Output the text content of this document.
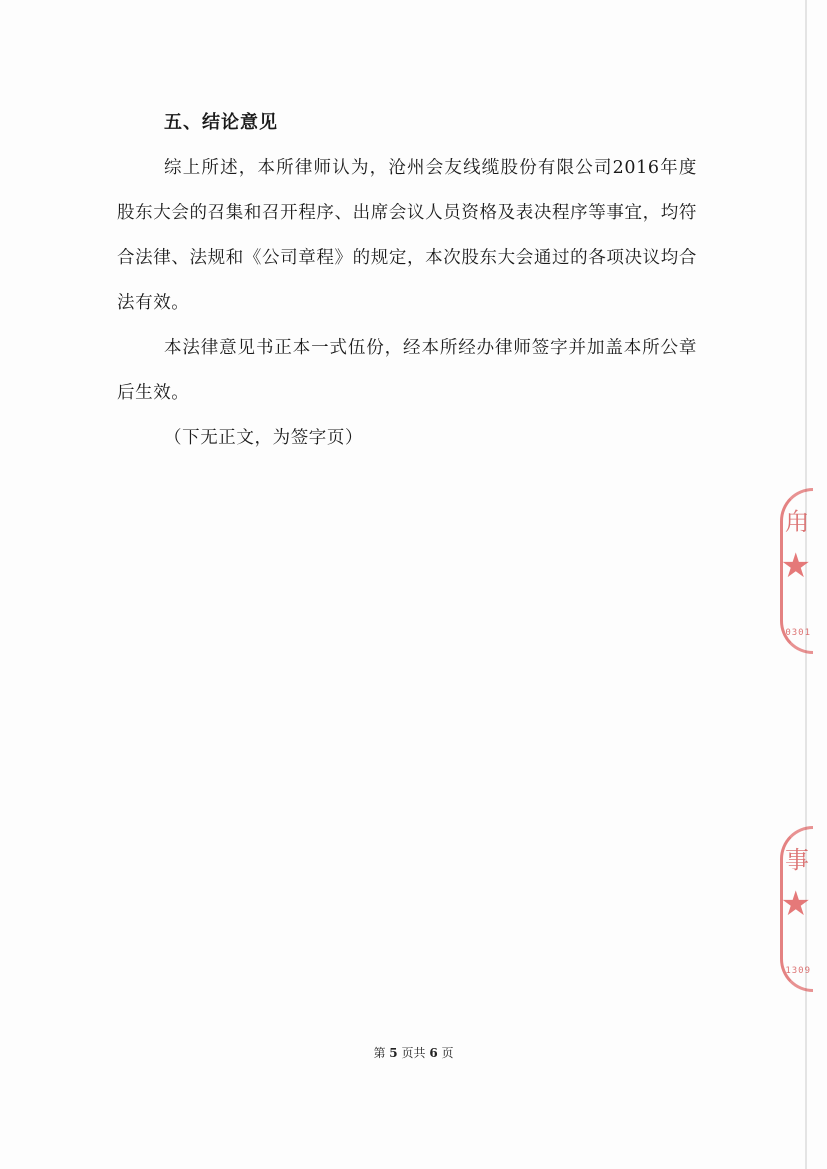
五、结论意见

综上所述，本所律师认为，沧州会友线缆股份有限公司2016年度股东大会的召集和召开程序、出席会议人员资格及表决程序等事宜，均符合法律、法规和《公司章程》的规定，本次股东大会通过的各项决议均合法有效。

本法律意见书正本一式伍份，经本所经办律师签字并加盖本所公章后生效。

（下无正文，为签字页）

甪
★
0301
事
★
1309
第 5 页共 6 页
